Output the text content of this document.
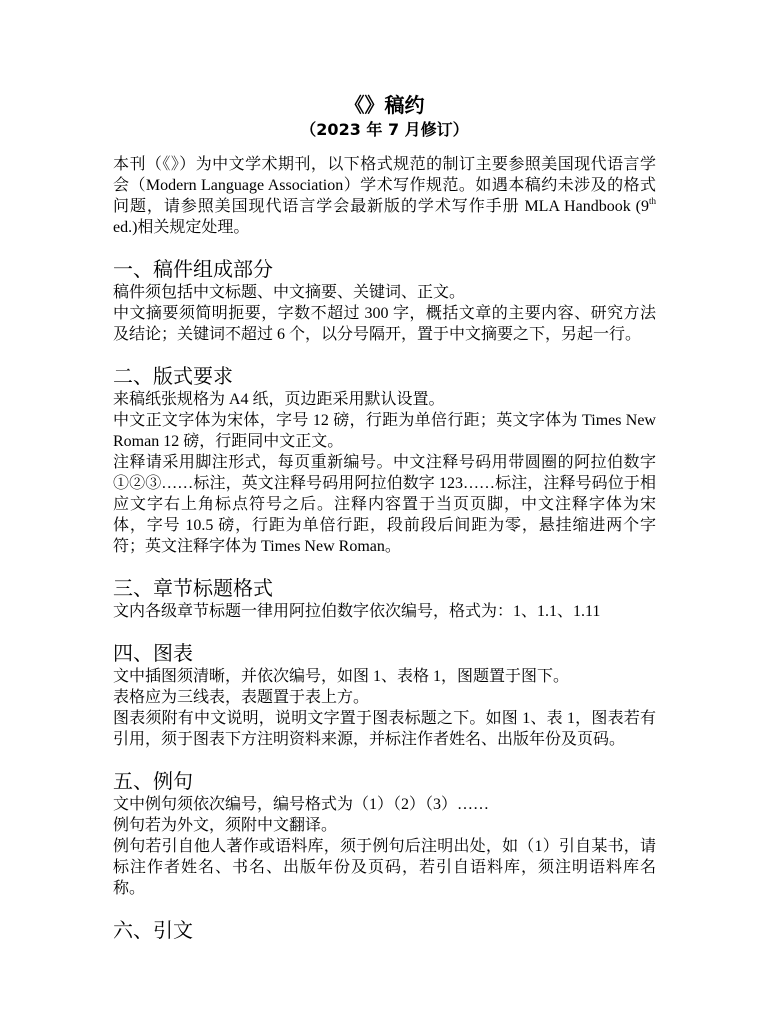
《》稿约
（2023 年 7 月修订）

本刊（《》）为中文学术期刊，以下格式规范的制订主要参照美国现代语言学会（Modern Language Association）学术写作规范。如遇本稿约未涉及的格式问题，请参照美国现代语言学会最新版的学术写作手册 MLA Handbook (9th ed.)相关规定处理。

一、稿件组成部分

稿件须包括中文标题、中文摘要、关键词、正文。

中文摘要须简明扼要，字数不超过 300 字，概括文章的主要内容、研究方法及结论；关键词不超过 6 个，以分号隔开，置于中文摘要之下，另起一行。

二、版式要求

来稿纸张规格为 A4 纸，页边距采用默认设置。

中文正文字体为宋体，字号 12 磅，行距为单倍行距；英文字体为 Times New Roman 12 磅，行距同中文正文。

注释请采用脚注形式，每页重新编号。中文注释号码用带圆圈的阿拉伯数字①②③……标注，英文注释号码用阿拉伯数字 123……标注，注释号码位于相应文字右上角标点符号之后。注释内容置于当页页脚，中文注释字体为宋体，字号 10.5 磅，行距为单倍行距，段前段后间距为零，悬挂缩进两个字符；英文注释字体为 Times New Roman。

三、章节标题格式

文内各级章节标题一律用阿拉伯数字依次编号，格式为：1、1.1、1.11

四、图表

文中插图须清晰，并依次编号，如图 1、表格 1，图题置于图下。

表格应为三线表，表题置于表上方。

图表须附有中文说明，说明文字置于图表标题之下。如图 1、表 1，图表若有引用，须于图表下方注明资料来源，并标注作者姓名、出版年份及页码。

五、例句

文中例句须依次编号，编号格式为（1）（2）（3）……

例句若为外文，须附中文翻译。

例句若引自他人著作或语料库，须于例句后注明出处，如（1）引自某书，请标注作者姓名、书名、出版年份及页码，若引自语料库，须注明语料库名称。

六、引文
